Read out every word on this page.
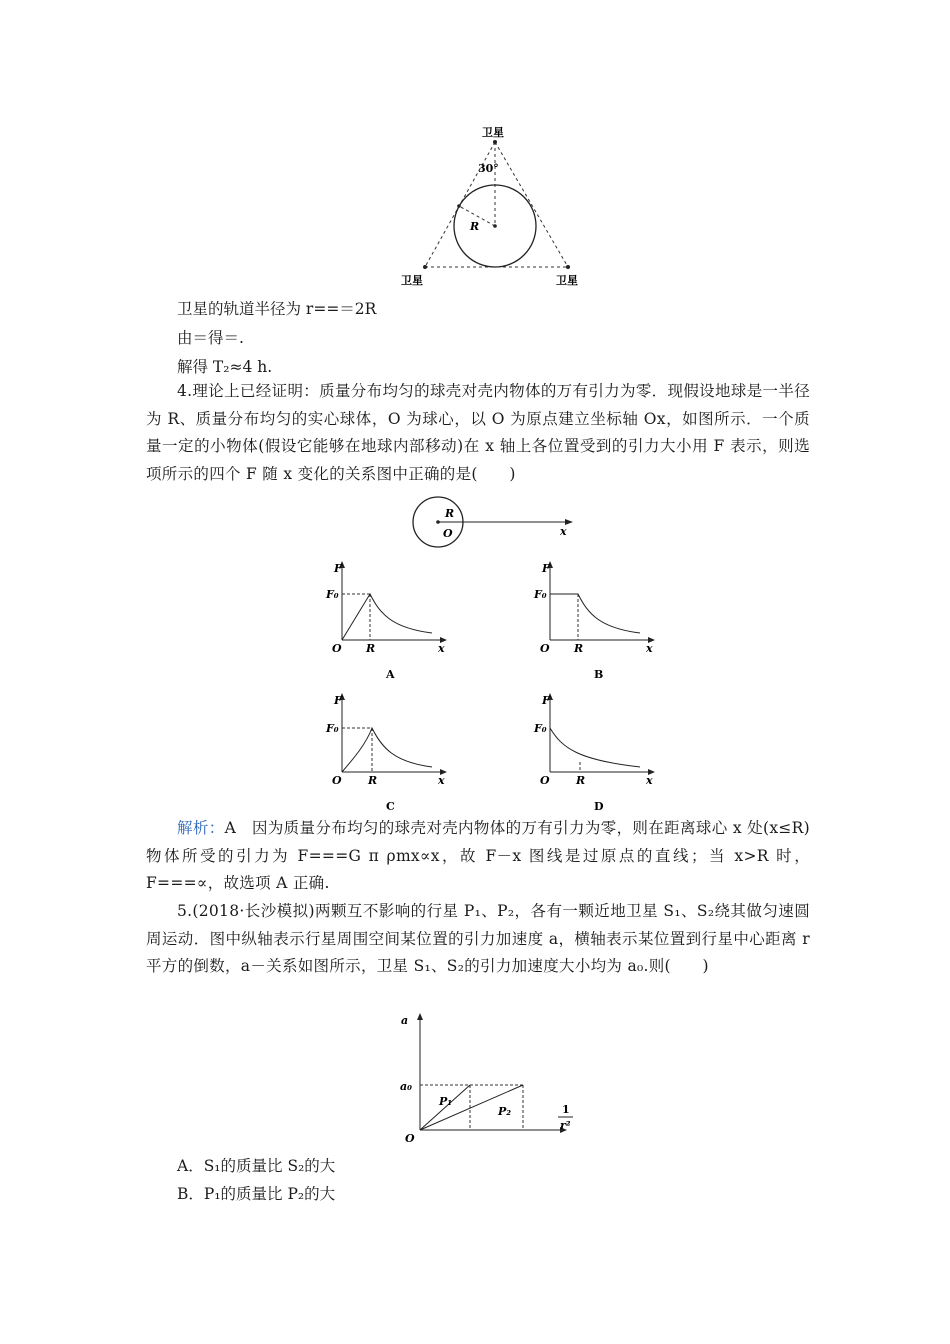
卫星
30°
R
卫星	卫星
卫星的轨道半径为 r==＝2R
由＝得＝.
解得 T₂≈4 h.
4.理论上已经证明：质量分布均匀的球壳对壳内物体的万有引力为零．现假设地球是一半径为 R、质量分布均匀的实心球体，O 为球心，以 O 为原点建立坐标轴 Ox，如图所示．一个质量一定的小物体(假设它能够在地球内部移动)在 x 轴上各位置受到的引力大小用 F 表示，则选项所示的四个 F 随 x 变化的关系图中正确的是(　　)
R
O	x
F
F₀
O R	x
A
F
F₀
O R	x
B
F
F₀
O R	x
C
F
F₀
O R	x
D
解析：A　因为质量分布均匀的球壳对壳内物体的万有引力为零，则在距离球心 x 处(x≤R)物体所受的引力为 F===G π ρmx∝x，故 F－x 图线是过原点的直线；当 x>R 时，F===∝，故选项 A 正确.
5.(2018·长沙模拟)两颗互不影响的行星 P₁、P₂，各有一颗近地卫星 S₁、S₂绕其做匀速圆周运动．图中纵轴表示行星周围空间某位置的引力加速度 a，横轴表示某位置到行星中心距离 r 平方的倒数，a－关系如图所示，卫星 S₁、S₂的引力加速度大小均为 a₀.则(　　)
a
a₀
O
P₁
P₂	1
r²
A．S₁的质量比 S₂的大
B．P₁的质量比 P₂的大
